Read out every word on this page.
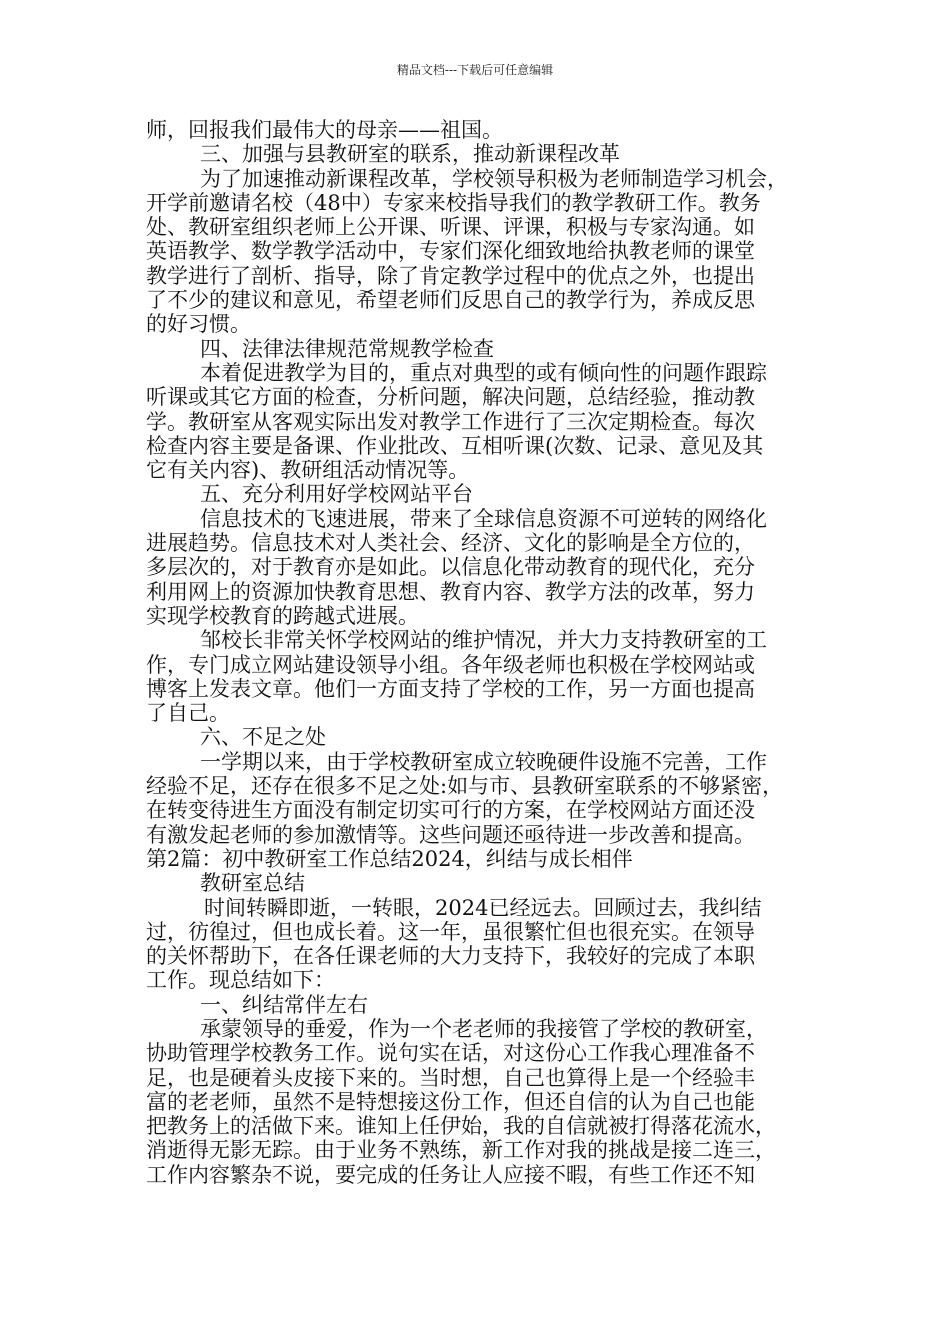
精品文档---下载后可任意编辑
师，回报我们最伟大的母亲——祖国。
三、加强与县教研室的联系，推动新课程改革
为了加速推动新课程改革，学校领导积极为老师制造学习机会，
开学前邀请名校（48中）专家来校指导我们的教学教研工作。教务
处、教研室组织老师上公开课、听课、评课，积极与专家沟通。如
英语教学、数学教学活动中，专家们深化细致地给执教老师的课堂
教学进行了剖析、指导，除了肯定教学过程中的优点之外，也提出
了不少的建议和意见，希望老师们反思自己的教学行为，养成反思
的好习惯。
四、法律法律规范常规教学检查
本着促进教学为目的，重点对典型的或有倾向性的问题作跟踪
听课或其它方面的检查，分析问题，解决问题，总结经验，推动教
学。教研室从客观实际出发对教学工作进行了三次定期检查。每次
检查内容主要是备课、作业批改、互相听课(次数、记录、意见及其
它有关内容)、教研组活动情况等。
五、充分利用好学校网站平台
信息技术的飞速进展，带来了全球信息资源不可逆转的网络化
进展趋势。信息技术对人类社会、经济、文化的影响是全方位的，
多层次的，对于教育亦是如此。以信息化带动教育的现代化，充分
利用网上的资源加快教育思想、教育内容、教学方法的改革，努力
实现学校教育的跨越式进展。
邹校长非常关怀学校网站的维护情况，并大力支持教研室的工
作，专门成立网站建设领导小组。各年级老师也积极在学校网站或
博客上发表文章。他们一方面支持了学校的工作，另一方面也提高
了自己。
六、不足之处
一学期以来，由于学校教研室成立较晚硬件设施不完善，工作
经验不足，还存在很多不足之处:如与市、县教研室联系的不够紧密，
在转变待进生方面没有制定切实可行的方案，在学校网站方面还没
有激发起老师的参加激情等。这些问题还亟待进一步改善和提高。
第2篇：初中教研室工作总结2024，纠结与成长相伴
教研室总结
时间转瞬即逝，一转眼，2024已经远去。回顾过去，我纠结
过，彷徨过，但也成长着。这一年，虽很繁忙但也很充实。在领导
的关怀帮助下，在各任课老师的大力支持下，我较好的完成了本职
工作。现总结如下：
一、纠结常伴左右
承蒙领导的垂爱，作为一个老老师的我接管了学校的教研室，
协助管理学校教务工作。说句实在话，对这份心工作我心理准备不
足，也是硬着头皮接下来的。当时想，自己也算得上是一个经验丰
富的老老师，虽然不是特想接这份工作，但还自信的认为自己也能
把教务上的活做下来。谁知上任伊始，我的自信就被打得落花流水，
消逝得无影无踪。由于业务不熟练，新工作对我的挑战是接二连三，
工作内容繁杂不说，要完成的任务让人应接不暇，有些工作还不知
